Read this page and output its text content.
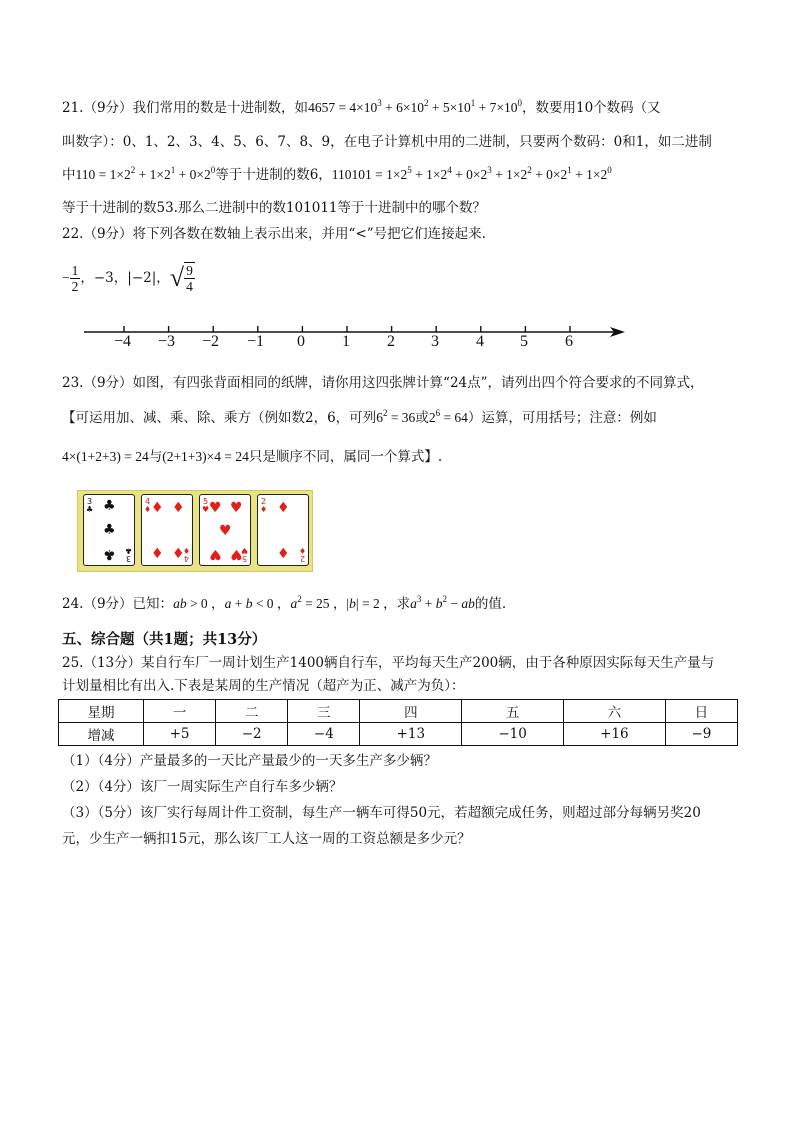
21.（9分）我们常用的数是十进制数，如$4657 = 4\times 10^3 + 6\times 10^2 + 5\times 10^1 + 7\times 10^0$，数要用10个数码（又
叫数字）：0、1、2、3、4、5、6、7、8、9，在电子计算机中用的二进制，只要两个数码：0和1，如二进制
中$110 = 1\times 2^2 + 1\times 2^1 + 0\times 2^0$等于十进制的数6，$110101 = 1\times 2^5 + 1\times 2^4 + 0\times 2^3 + 1\times 2^2 + 0\times 2^1 + 1\times 2^0$
等于十进制的数53.那么二进制中的数101011等于十进制中的哪个数？
22.（9分）将下列各数在数轴上表示出来，并用“<”号把它们连接起来.
− $\frac{1}{2}$ ，−3，|−2|， √ $\frac{9}{4}$
−4 −3 −2 −1 0 1 2 3 4 5 6
23.（9分）如图，有四张背面相同的纸牌，请你用这四张牌计算“24点”，请列出四个符合要求的不同算式，
【可运用加、减、乘、除、乘方（例如数2，6，可列$6^2 = 36$或$2^6 = 64$）运算，可用括号；注意：例如
4×(1+2+3) = 24与(2+1+3)×4 = 24只是顺序不同，属同一个算式】.
3
♣ ♣
♣
♣ 3
♣
4
♦ ♦ ♦
♦ ♦ 4
♦
5
♥ ♥ ♥
♥
♥ ♥ 5
♥
2
♦ ♦
♦ 2
♦
24.（9分）已知：ab > 0 ，a + b < 0 ，$a^2 = 25$ ，|b| = 2 ，求$a^3 + b^2$ − ab的值.
五、综合题（共1题；共13分）
25.（13分）某自行车厂一周计划生产1400辆自行车，平均每天生产200辆，由于各种原因实际每天生产量与
计划量相比有出入.下表是某周的生产情况（超产为正、减产为负）：
星期	一	二	三	四	五	六	日
增减	+5	−2	−4	+13	−10	+16	−9
（1）（4分）产量最多的一天比产量最少的一天多生产多少辆？
（2）（4分）该厂一周实际生产自行车多少辆？
（3）（5分）该厂实行每周计件工资制，每生产一辆车可得50元，若超额完成任务，则超过部分每辆另奖20
元，少生产一辆扣15元，那么该厂工人这一周的工资总额是多少元？
